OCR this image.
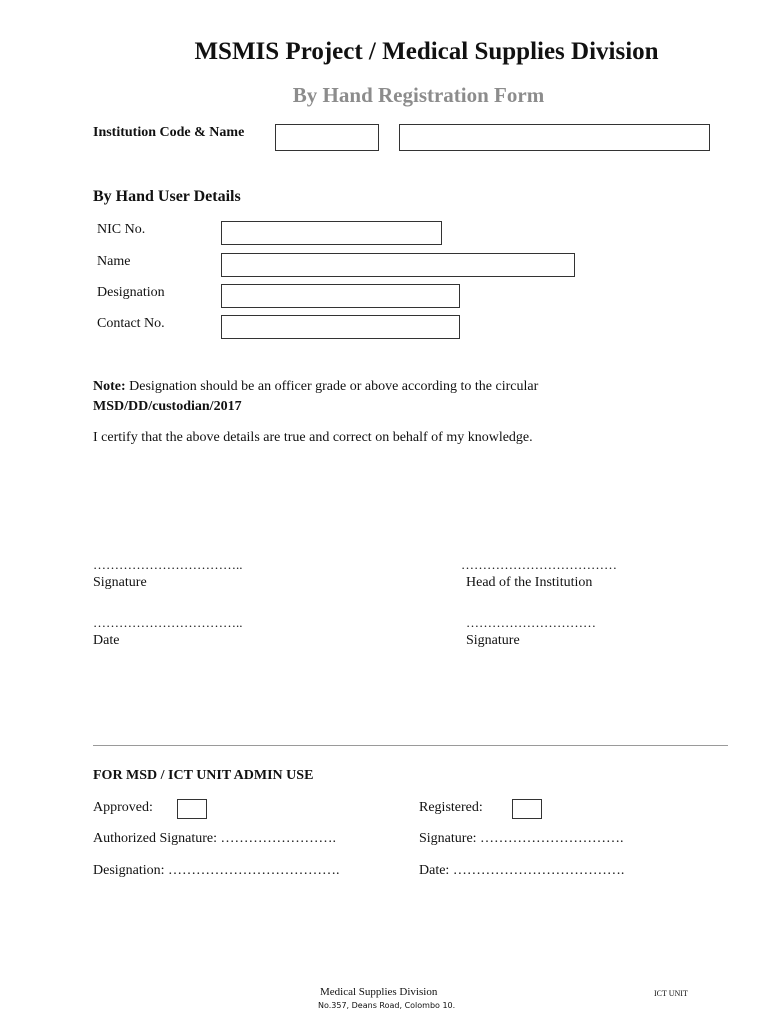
MSMIS Project / Medical Supplies Division
By Hand Registration Form
Institution Code & Name
By Hand User Details
NIC No.
Name
Designation
Contact No.
Note: Designation should be an officer grade or above according to the circular
MSD/DD/custodian/2017
I certify that the above details are true and correct on behalf of my knowledge.
……………………………..
Signature
………………………………
Head of the Institution
……………………………..
Date
…………………………
Signature
FOR MSD / ICT UNIT ADMIN USE
Approved:	Registered:
Authorized Signature: …………………….	Signature: ………………………….
Designation: ……………………………….	Date: ……………………………….
Medical Supplies Division
No.357, Deans Road, Colombo 10.
ICT UNIT
